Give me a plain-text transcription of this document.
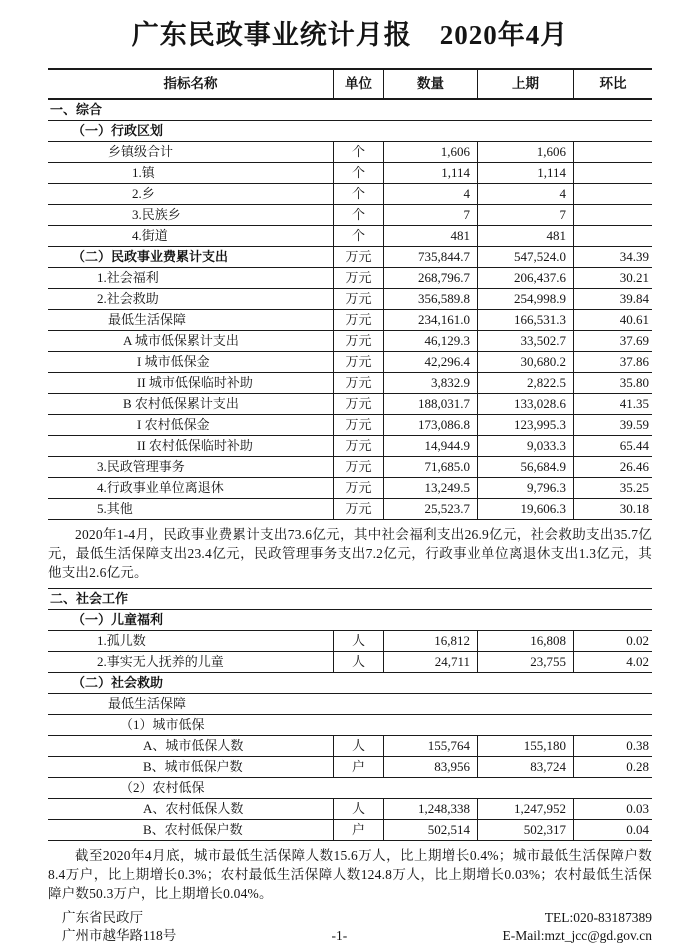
广东民政事业统计月报　2020年4月
指标名称	单位	数量	上期	环比
一、综合
（一）行政区划
乡镇级合计	个	1,606	1,606
1.镇	个	1,114	1,114
2.乡	个	4	4
3.民族乡	个	7	7
4.街道	个	481	481
（二）民政事业费累计支出	万元	735,844.7	547,524.0	34.39
1.社会福利	万元	268,796.7	206,437.6	30.21
2.社会救助	万元	356,589.8	254,998.9	39.84
最低生活保障	万元	234,161.0	166,531.3	40.61
A 城市低保累计支出	万元	46,129.3	33,502.7	37.69
I 城市低保金	万元	42,296.4	30,680.2	37.86
II 城市低保临时补助	万元	3,832.9	2,822.5	35.80
B 农村低保累计支出	万元	188,031.7	133,028.6	41.35
I 农村低保金	万元	173,086.8	123,995.3	39.59
II 农村低保临时补助	万元	14,944.9	9,033.3	65.44
3.民政管理事务	万元	71,685.0	56,684.9	26.46
4.行政事业单位离退休	万元	13,249.5	9,796.3	35.25
5.其他	万元	25,523.7	19,606.3	30.18
2020年1-4月，民政事业费累计支出73.6亿元，其中社会福利支出26.9亿元，社会救助支出35.7亿元，最低生活保障支出23.4亿元，民政管理事务支出7.2亿元，行政事业单位离退休支出1.3亿元，其他支出2.6亿元。
二、社会工作
（一）儿童福利
1.孤儿数	人	16,812	16,808	0.02
2.事实无人抚养的儿童	人	24,711	23,755	4.02
（二）社会救助
最低生活保障
（1）城市低保
A、城市低保人数	人	155,764	155,180	0.38
B、城市低保户数	户	83,956	83,724	0.28
（2）农村低保
A、农村低保人数	人	1,248,338	1,247,952	0.03
B、农村低保户数	户	502,514	502,317	0.04
截至2020年4月底，城市最低生活保障人数15.6万人，比上期增长0.4%；城市最低生活保障户数8.4万户，比上期增长0.3%；农村最低生活保障人数124.8万人，比上期增长0.03%；农村最低生活保障户数50.3万户，比上期增长0.04%。
广东省民政厅
广州市越华路118号	-1-
TEL:020-83187389
E-Mail:mzt_jcc@gd.gov.cn
